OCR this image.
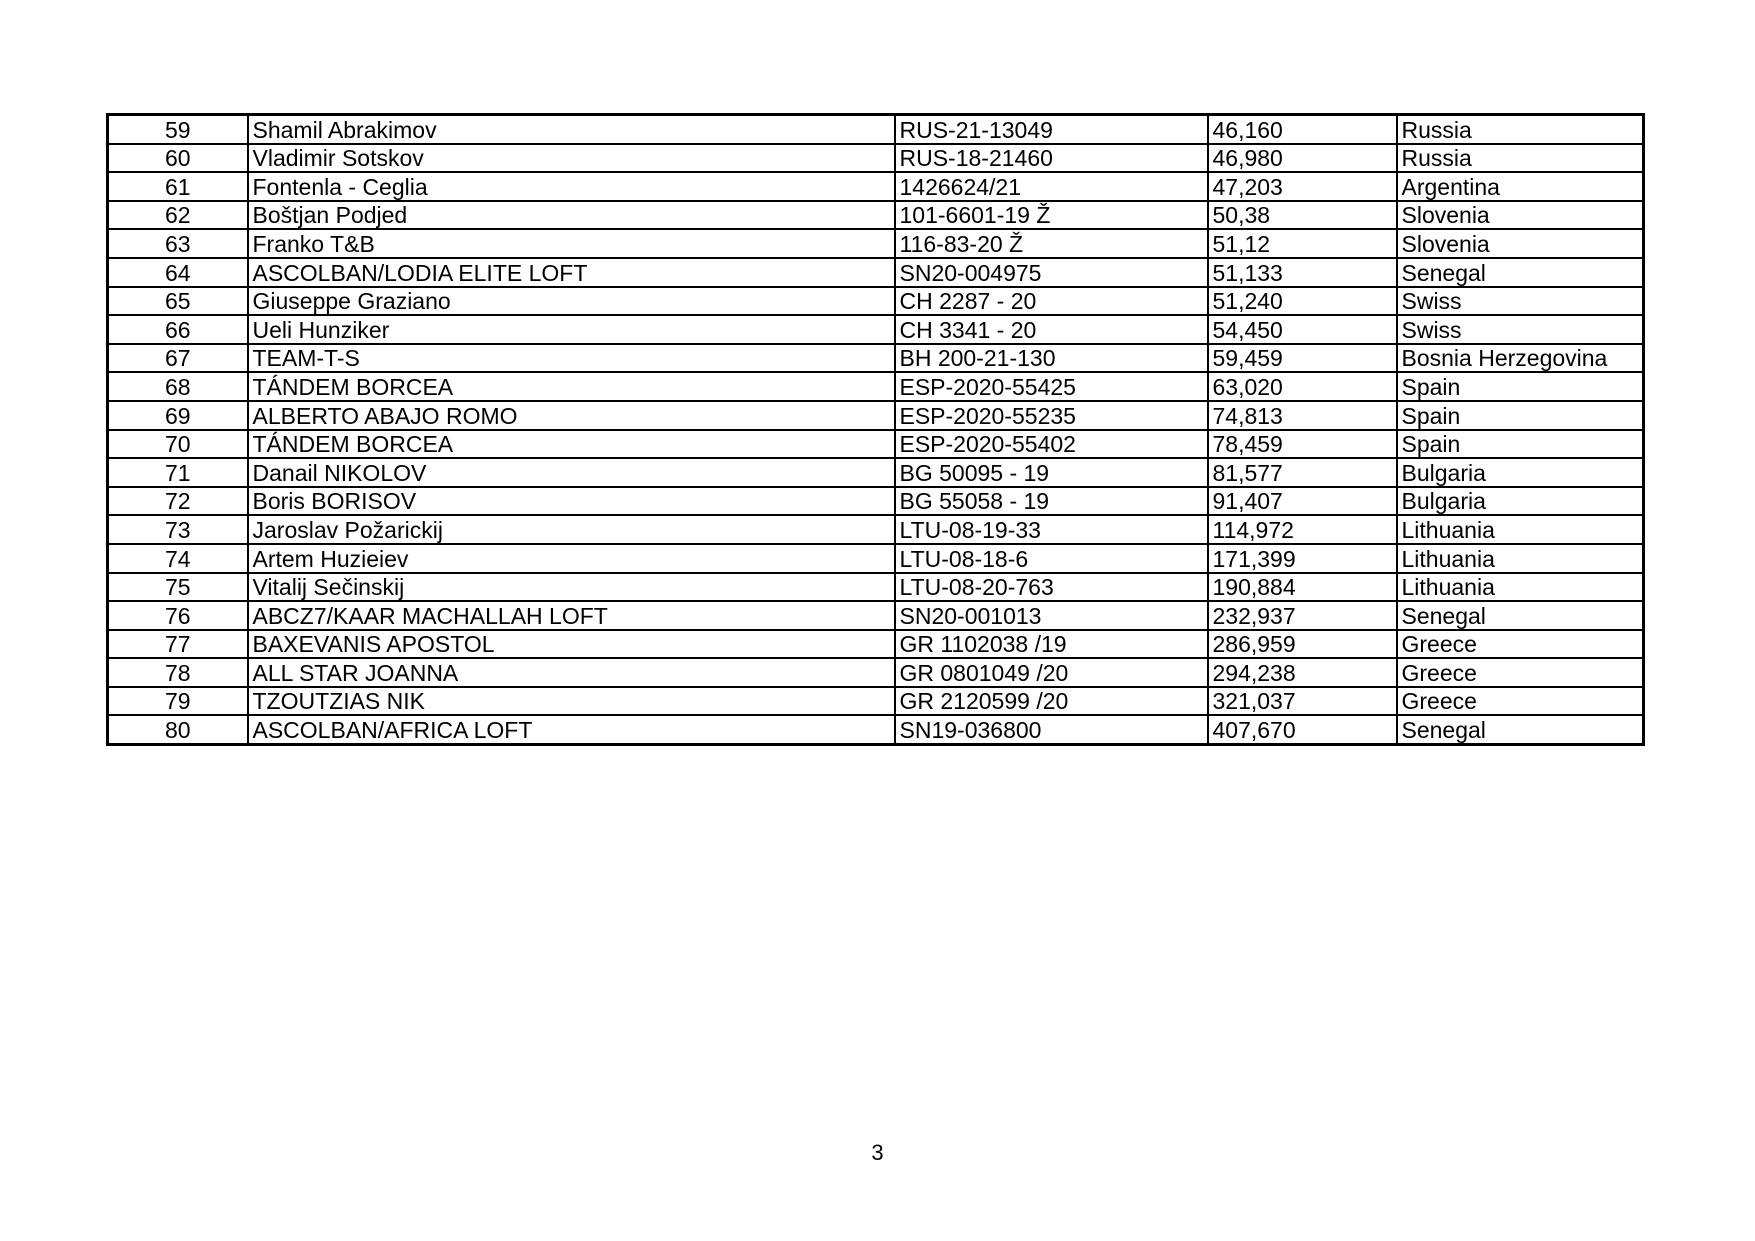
59	Shamil Abrakimov	RUS-21-13049	46,160	Russia
60	Vladimir Sotskov	RUS-18-21460	46,980	Russia
61	Fontenla - Ceglia	1426624/21	47,203	Argentina
62	Boštjan Podjed	101-6601-19 Ž	50,38	Slovenia
63	Franko T&B	116-83-20 Ž	51,12	Slovenia
64	ASCOLBAN/LODIA ELITE LOFT	SN20-004975	51,133	Senegal
65	Giuseppe Graziano	CH 2287 - 20	51,240	Swiss
66	Ueli Hunziker	CH 3341 - 20	54,450	Swiss
67	TEAM-T-S	BH 200-21-130	59,459	Bosnia Herzegovina
68	TÁNDEM BORCEA	ESP-2020-55425	63,020	Spain
69	ALBERTO ABAJO ROMO	ESP-2020-55235	74,813	Spain
70	TÁNDEM BORCEA	ESP-2020-55402	78,459	Spain
71	Danail NIKOLOV	BG 50095 - 19	81,577	Bulgaria
72	Boris BORISOV	BG 55058 - 19	91,407	Bulgaria
73	Jaroslav Požarickij	LTU-08-19-33	114,972	Lithuania
74	Artem Huzieiev	LTU-08-18-6	171,399	Lithuania
75	Vitalij Sečinskij	LTU-08-20-763	190,884	Lithuania
76	ABCZ7/KAAR MACHALLAH LOFT	SN20-001013	232,937	Senegal
77	BAXEVANIS APOSTOL	GR 1102038 /19	286,959	Greece
78	ALL STAR JOANNA	GR 0801049 /20	294,238	Greece
79	TZOUTZIAS NIK	GR 2120599 /20	321,037	Greece
80	ASCOLBAN/AFRICA LOFT	SN19-036800	407,670	Senegal
3
